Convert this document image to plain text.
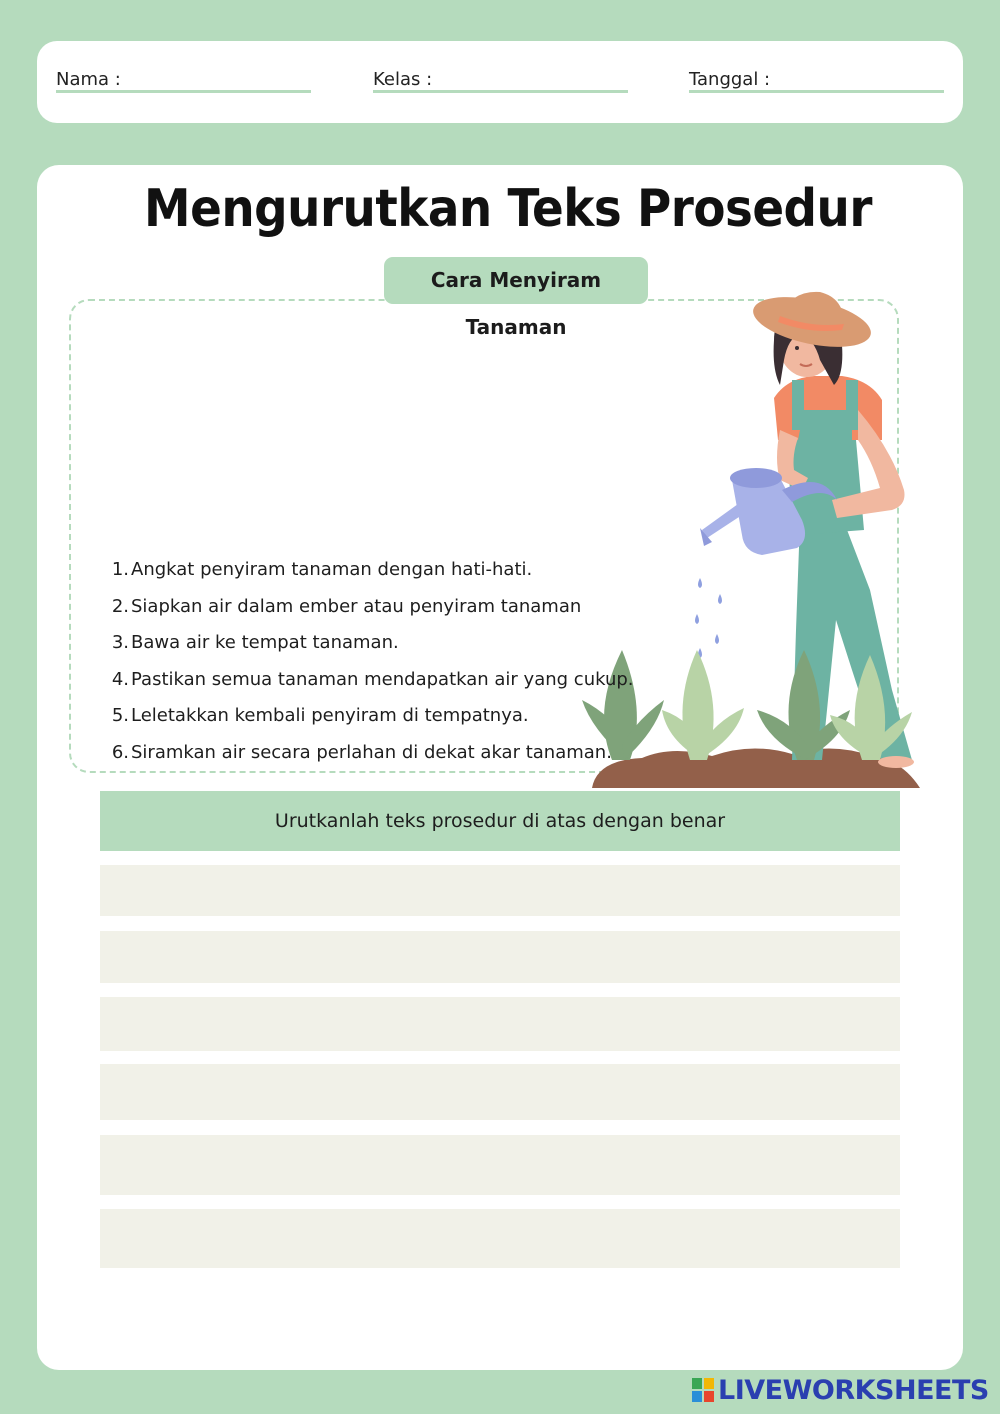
Nama :	Kelas :	Tanggal :
Mengurutkan Teks Prosedur
Cara Menyiram Tanaman
1. Angkat penyiram tanaman dengan hati-hati.
2. Siapkan air dalam ember atau penyiram tanaman
3. Bawa air ke tempat tanaman.
4. Pastikan semua tanaman mendapatkan air yang cukup.
5. Leletakkan kembali penyiram di tempatnya.
6. Siramkan air secara perlahan di dekat akar tanaman.
Urutkanlah teks prosedur di atas dengan benar
LIVEWORKSHEETS
